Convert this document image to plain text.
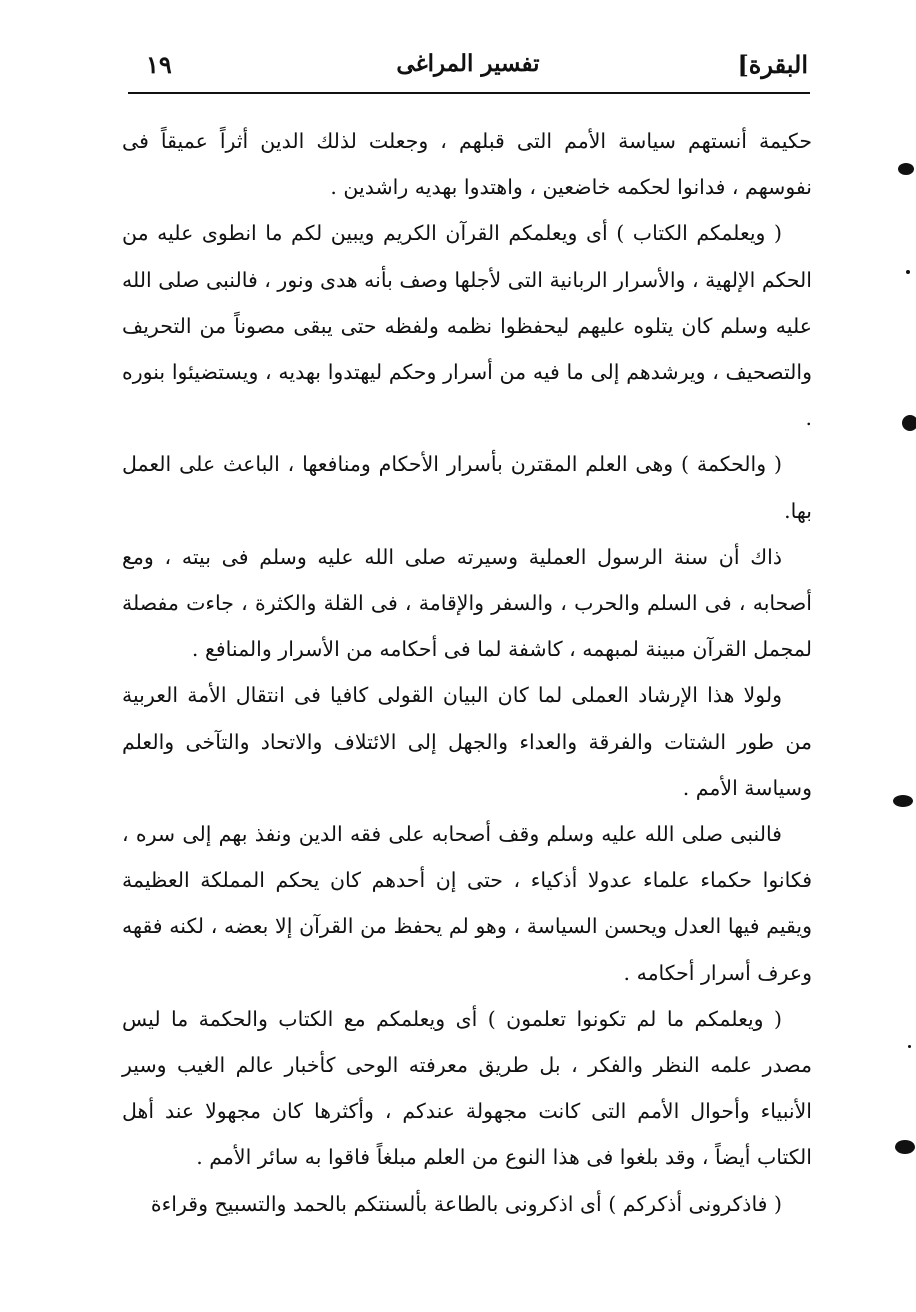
البقرة]
تفسير المراغى
١٩

حكيمة أنستهم سياسة الأمم التى قبلهم ، وجعلت لذلك الدين أثراً عميقاً فى نفوسهم ، فدانوا لحكمه خاضعين ، واهتدوا بهديه راشدين .

( ويعلمكم الكتاب ) أى ويعلمكم القرآن الكريم ويبين لكم ما انطوى عليه من الحكم الإلهية ، والأسرار الربانية التى لأجلها وصف بأنه هدى ونور ، فالنبى صلى الله عليه وسلم كان يتلوه عليهم ليحفظوا نظمه ولفظه حتى يبقى مصوناً من التحريف والتصحيف ، ويرشدهم إلى ما فيه من أسرار وحكم ليهتدوا بهديه ، ويستضيئوا بنوره .

( والحكمة ) وهى العلم المقترن بأسرار الأحكام ومنافعها ، الباعث على العمل بها.

ذاك أن سنة الرسول العملية وسيرته صلى الله عليه وسلم فى بيته ، ومع أصحابه ، فى السلم والحرب ، والسفر والإقامة ، فى القلة والكثرة ، جاءت مفصلة لمجمل القرآن مبينة لمبهمه ، كاشفة لما فى أحكامه من الأسرار والمنافع .

ولولا هذا الإرشاد العملى لما كان البيان القولى كافيا فى انتقال الأمة العربية من طور الشتات والفرقة والعداء والجهل إلى الائتلاف والاتحاد والتآخى والعلم وسياسة الأمم .

فالنبى صلى الله عليه وسلم وقف أصحابه على فقه الدين ونفذ بهم إلى سره ، فكانوا حكماء علماء عدولا أذكياء ، حتى إن أحدهم كان يحكم المملكة العظيمة ويقيم فيها العدل ويحسن السياسة ، وهو لم يحفظ من القرآن إلا بعضه ، لكنه فقهه وعرف أسرار أحكامه .

( ويعلمكم ما لم تكونوا تعلمون ) أى ويعلمكم مع الكتاب والحكمة ما ليس مصدر علمه النظر والفكر ، بل طريق معرفته الوحى كأخبار عالم الغيب وسير الأنبياء وأحوال الأمم التى كانت مجهولة عندكم ، وأكثرها كان مجهولا عند أهل الكتاب أيضاً ، وقد بلغوا فى هذا النوع من العلم مبلغاً فاقوا به سائر الأمم .

( فاذكرونى أذكركم ) أى اذكرونى بالطاعة بألسنتكم بالحمد والتسبيح وقراءة
